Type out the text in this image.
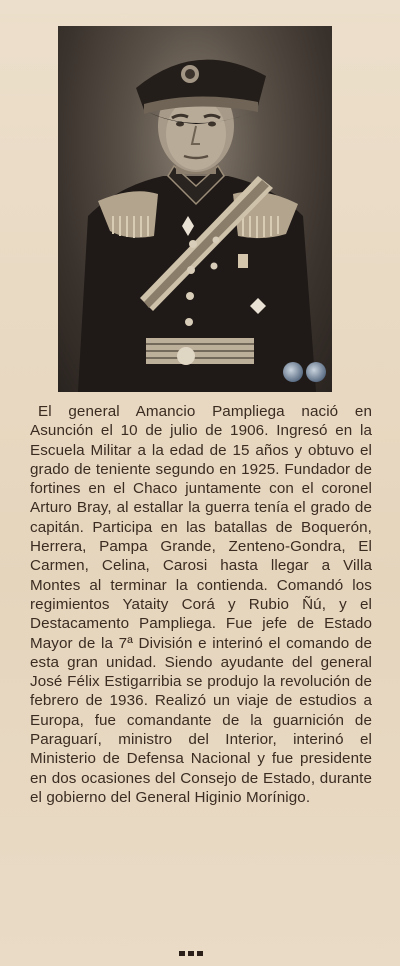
El general Amancio Pampliega nació en Asunción el 10 de julio de 1906. Ingresó en la Escuela Militar a la edad de 15 años y obtuvo el grado de teniente segundo en 1925. Fundador de fortines en el Chaco juntamente con el coronel Arturo Bray, al estallar la guerra tenía el grado de capitán. Participa en las batallas de Boquerón, Herrera, Pampa Grande, Zenteno-Gondra, El Carmen, Celina, Carosi hasta llegar a Villa Montes al terminar la contienda. Comandó los regimientos Yataity Corá y Rubio Ñú, y el Destacamento Pampliega. Fue jefe de Estado Mayor de la 7ª División e interinó el comando de esta gran unidad. Siendo ayudante del general José Félix Estigarribia se produjo la revolución de febrero de 1936. Realizó un viaje de estudios a Europa, fue comandante de la guarnición de Paraguarí, ministro del Interior, interinó el Ministerio de Defensa Nacional y fue presidente en dos ocasiones del Consejo de Estado, durante el gobierno del General Higinio Morínigo.
